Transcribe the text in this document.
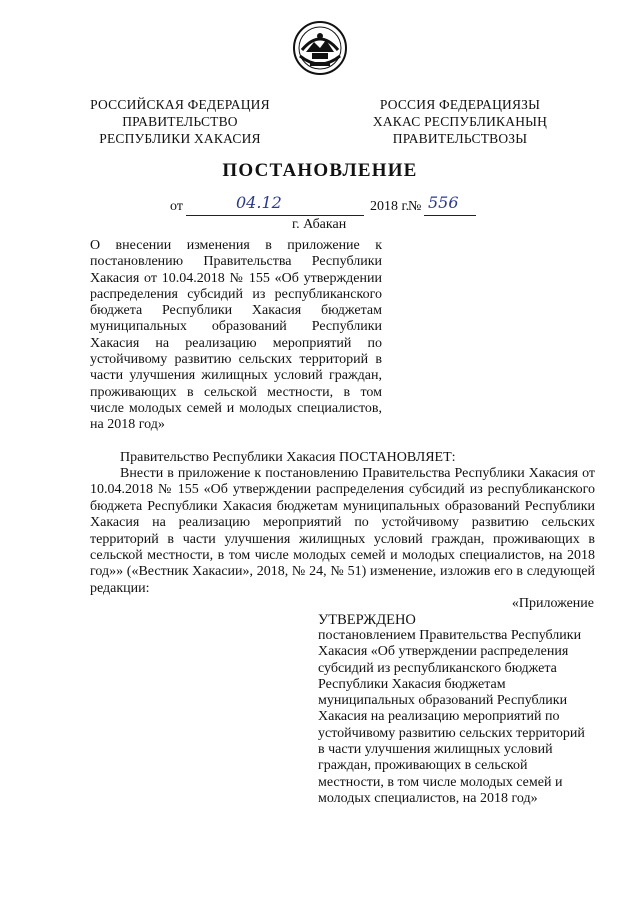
РОССИЙСКАЯ ФЕДЕРАЦИЯ
ПРАВИТЕЛЬСТВО
РЕСПУБЛИКИ ХАКАСИЯ
РОССИЯ ФЕДЕРАЦИЯЗЫ
ХАКАС РЕСПУБЛИКАНЫҢ
ПРАВИТЕЛЬСТВОЗЫ
ПОСТАНОВЛЕНИЕ
от	04.12	2018 г.
№ 556
г. Абакан
О внесении изменения в приложение к постановлению Правительства Республики Хакасия от 10.04.2018 № 155 «Об утверждении распределения субсидий из республиканского бюджета Республики Хакасия бюджетам муниципальных образований Республики Хакасия на реализацию мероприятий по устойчивому развитию сельских территорий в части улучшения жилищных условий граждан, проживающих в сельской местности, в том числе молодых семей и молодых специалистов, на 2018 год»

Правительство Республики Хакасия ПОСТАНОВЛЯЕТ:

Внести в приложение к постановлению Правительства Республики Хакасия от 10.04.2018 № 155 «Об утверждении распределения субсидий из республиканского бюджета Республики Хакасия бюджетам муниципальных образований Республики Хакасия на реализацию мероприятий по устойчивому развитию сельских территорий в части улучшения жилищных условий граждан, проживающих в сельской местности, в том числе молодых семей и молодых специалистов, на 2018 год»» («Вестник Хакасии», 2018, № 24, № 51) изменение, изложив его в следующей редакции:

«Приложение
УТВЕРЖДЕНО

постановлением Правительства Республики

Хакасия «Об утверждении распределения

субсидий из республиканского бюджета

Республики Хакасия бюджетам

муниципальных образований Республики

Хакасия на реализацию мероприятий по

устойчивому развитию сельских территорий

в части улучшения жилищных условий

граждан, проживающих в сельской

местности, в том числе молодых семей и

молодых специалистов, на 2018 год»
